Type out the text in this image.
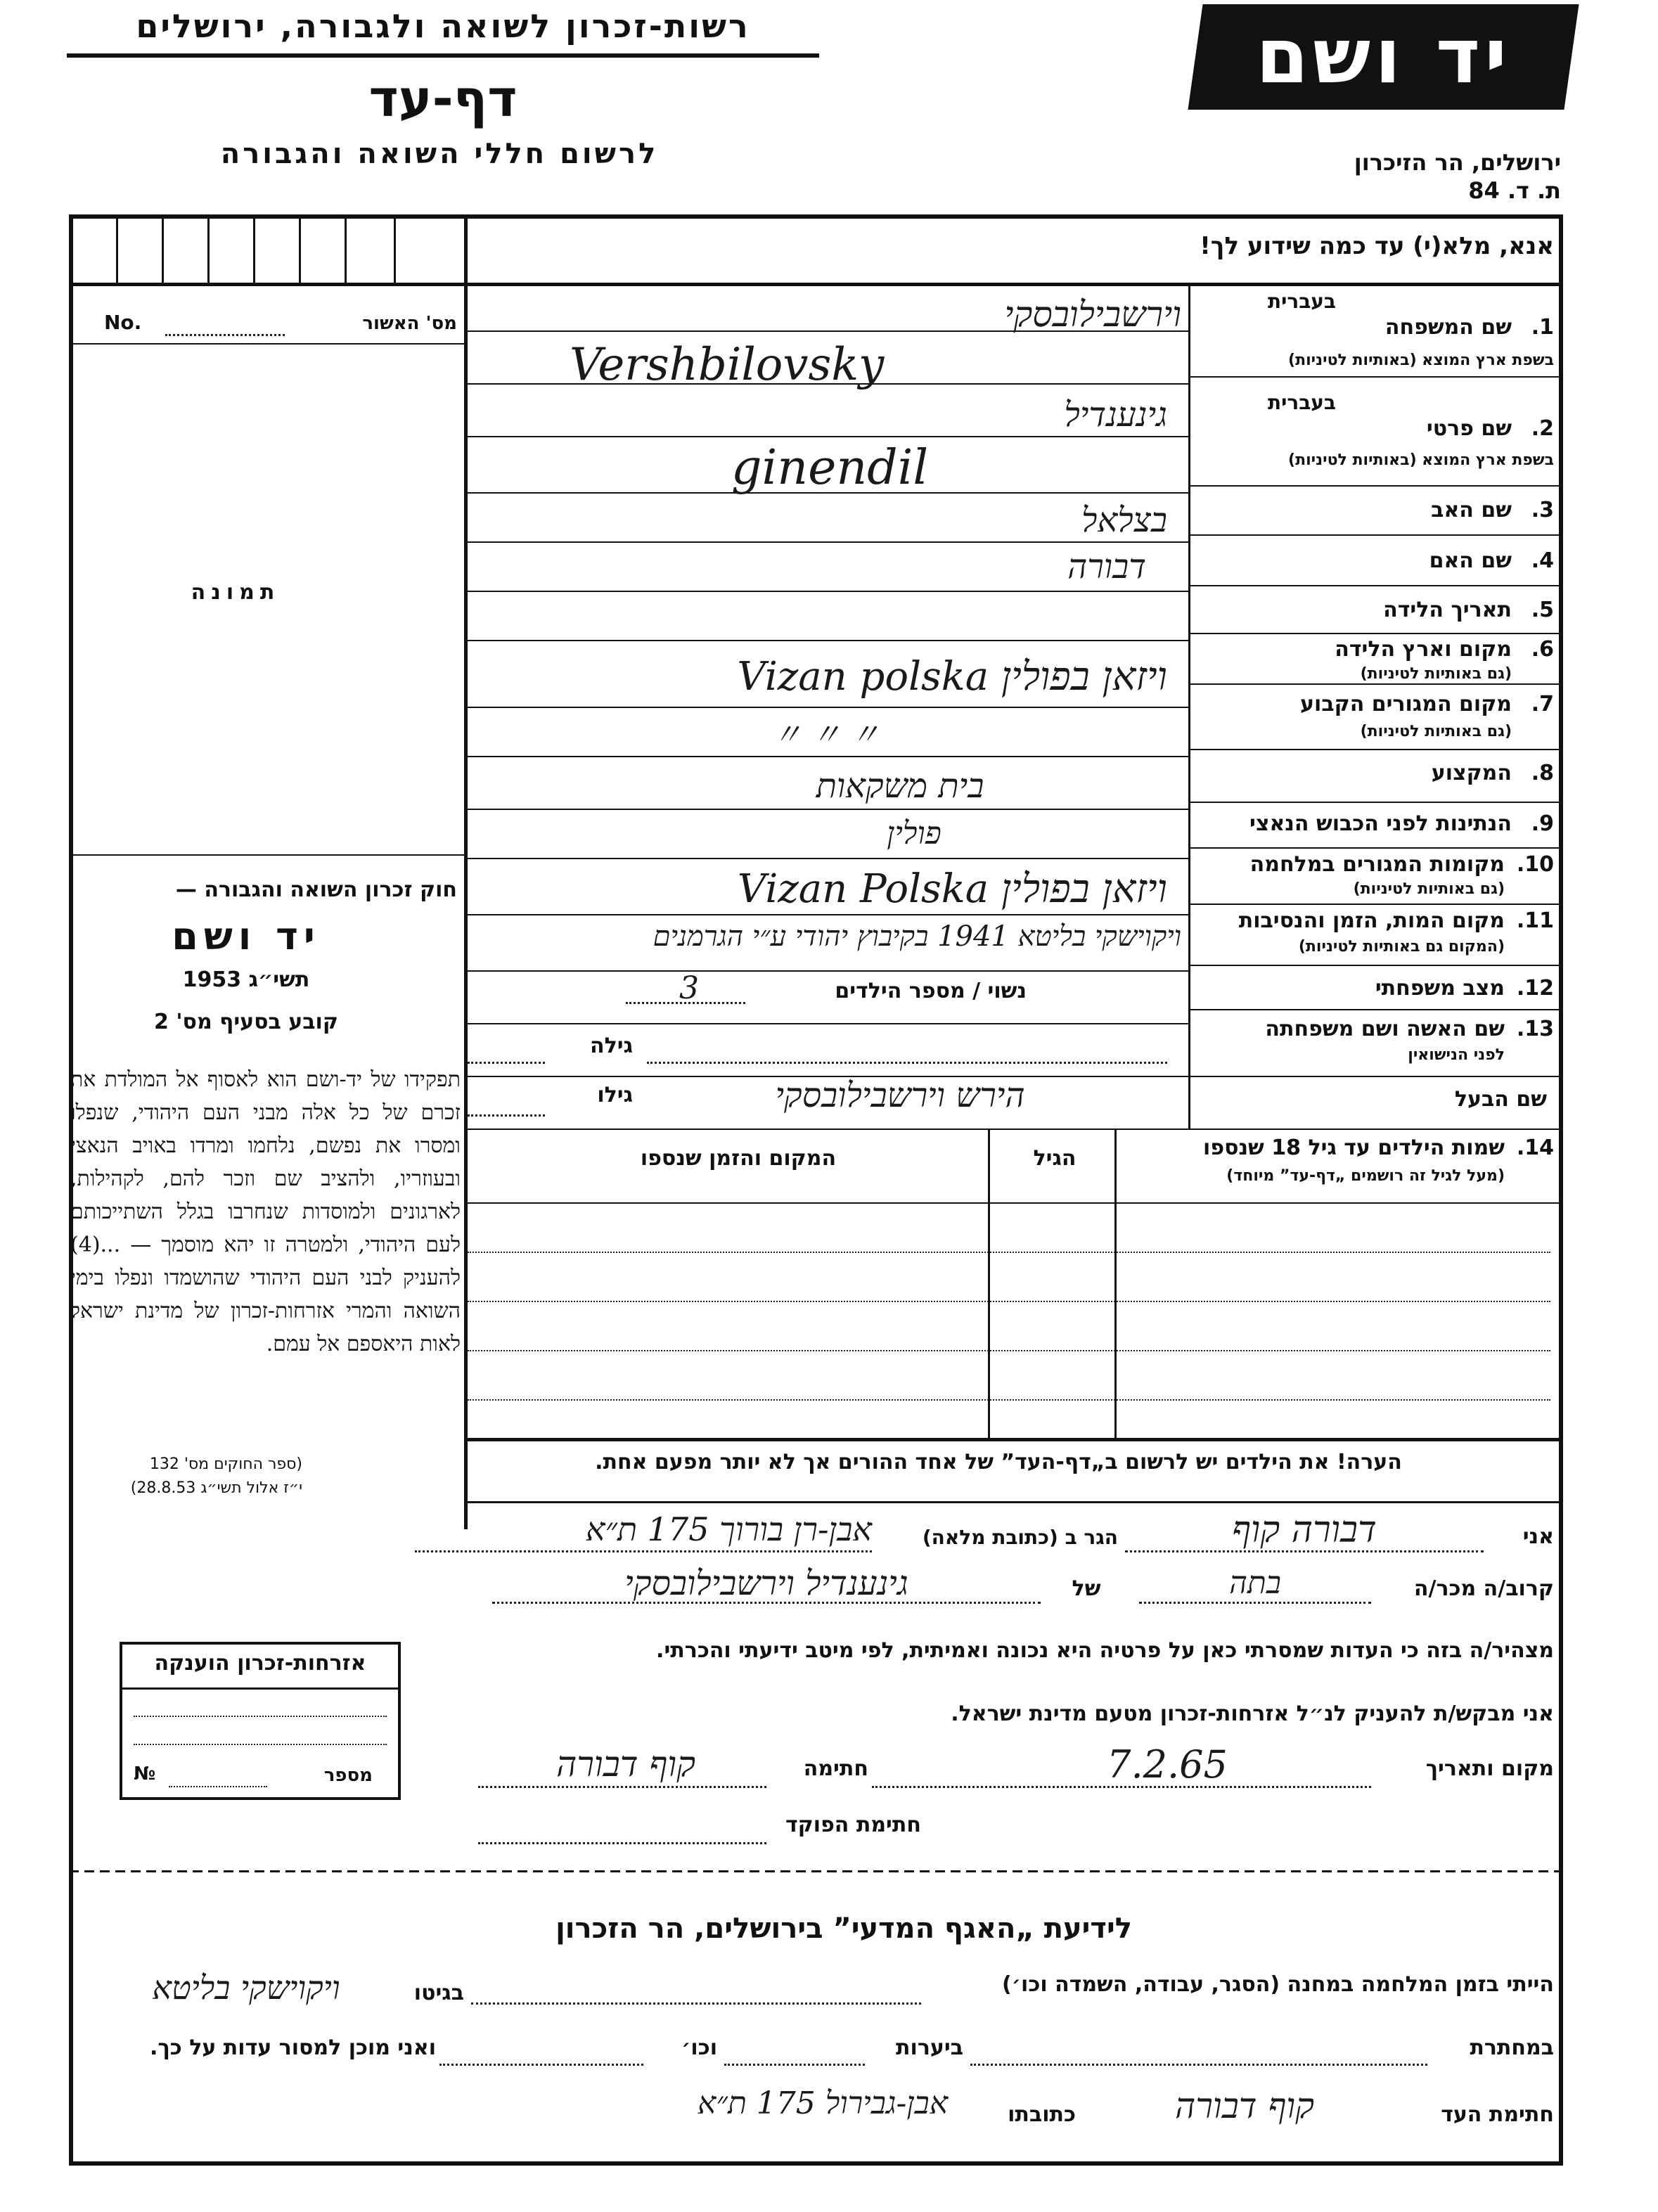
רשות-זכרון לשואה ולגבורה, ירושלים
דף-עד
לרשום חללי השואה והגבורה
יד ושם
ירושלים, הר הזיכרון
ת. ד. 84
אנא, מלא(י) עד כמה שידוע לך!
מס' האשור
No.
תמונה
חוק זכרון השואה והגבורה —
יד ושם
תשי״ג 1953
קובע בסעיף מס' 2
תפקידו של יד-ושם הוא לאסוף אל המולדת את זכרם של כל אלה מבני העם היהודי, שנפלו ומסרו את נפשם, נלחמו ומרדו באויב הנאצי ובעוזריו, ולהציב שם וזכר להם, לקהילות, לארגונים ולמוסדות שנחרבו בגלל השתייכותם לעם היהודי, ולמטרה זו יהא מוסמך — ...(4) להעניק לבני העם היהודי שהושמדו ונפלו בימי השואה והמרי אזרחות-זכרון של מדינת ישראל לאות היאספם אל עמם.
(ספר החוקים מס' 132
י״ז אלול תשי״ג 28.8.53)
1.
שם המשפחה
בעברית
בשפת ארץ המוצא (באותיות לטיניות)
2.
שם פרטי
בעברית
בשפת ארץ המוצא (באותיות לטיניות)
3.
שם האב
4.
שם האם
5.
תאריך הלידה
6.
מקום וארץ הלידה
(גם באותיות לטיניות)
7.
מקום המגורים הקבוע
(גם באותיות לטיניות)
8.
המקצוע
9.
הנתינות לפני הכבוש הנאצי
10.
מקומות המגורים במלחמה
(גם באותיות לטיניות)
11.
מקום המות, הזמן והנסיבות
(המקום גם באותיות לטיניות)
12.
מצב משפחתי
13.
שם האשה ושם משפחתה
לפני הנישואין
שם הבעל
וירשבילובסקי
Vershbilovsky
גינענדיל
ginendil
בצלאל
דבורה
ויזאן בפולין Vizan polska
〃 〃 〃
בית משקאות
פולין
ויזאן בפולין Vizan Polska
ויקוישקי בליטא 1941 בקיבוץ יהודי ע״י הגרמנים
נשוי / מספר הילדים
3
גילה
גילו	הירש וירשבילובסקי
14.
שמות הילדים עד גיל 18 שנספו
(מעל לגיל זה רושמים „דף-עד” מיוחד)
הגיל
המקום והזמן שנספו
הערה! את הילדים יש לרשום ב„דף-העד” של אחד ההורים אך לא יותר מפעם אחת.
אני
דבורה קוף
הגר ב (כתובת מלאה)
אבן-רן בורוך 175 ת״א
קרוב/ה מכר/ה
בתה
של
גינענדיל וירשבילובסקי
מצהיר/ה בזה כי העדות שמסרתי כאן על פרטיה היא נכונה ואמיתית, לפי מיטב ידיעתי והכרתי.
אני מבקש/ת להעניק לנ״ל אזרחות-זכרון מטעם מדינת ישראל.
מקום ותאריך
7.2.65
חתימה
קוף דבורה
חתימת הפוקד
אזרחות-זכרון הוענקה
מספר
№
לידיעת „האגף המדעי” בירושלים, הר הזכרון
הייתי בזמן המלחמה במחנה (הסגר, עבודה, השמדה וכו׳)
בגיטו
ויקוישקי בליטא
במחתרת
ביערות
וכו׳
ואני מוכן למסור עדות על כך.
חתימת העד
קוף דבורה
כתובתו
אבן-גבירול 175 ת״א
